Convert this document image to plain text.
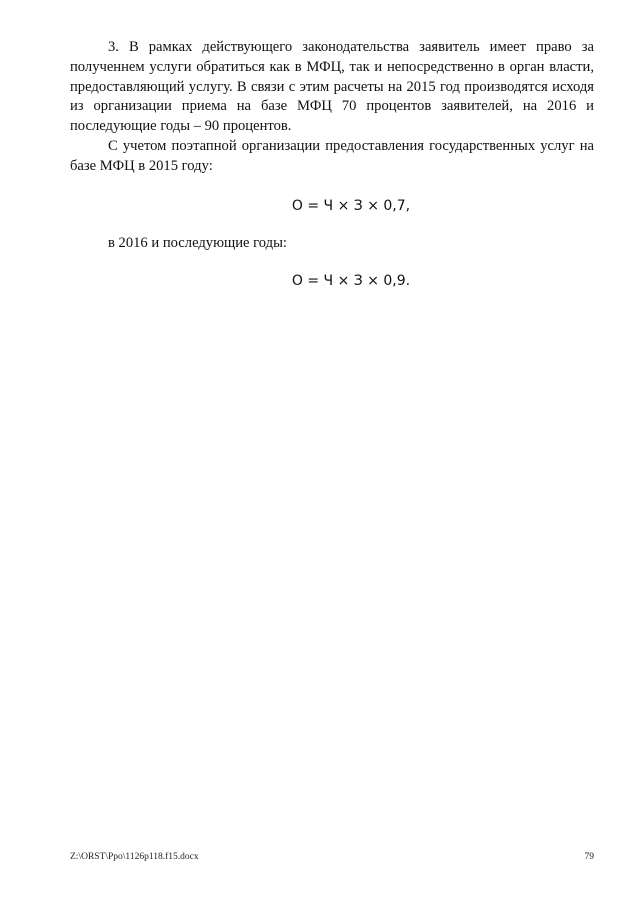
3. В рамках действующего законодательства заявитель имеет право за полученнем услуги обратиться как в МФЦ, так и непосредственно в орган власти, предоставляющий услугу. В связи с этим расчеты на 2015 год производятся исходя из организации приема на базе МФЦ 70 процентов заявителей, на 2016 и последующие годы – 90 процентов.

С учетом поэтапной организации предоставления государственных услуг на базе МФЦ в 2015 году:

О = Ч × З × 0,7,

в 2016 и последующие годы:

О = Ч × З × 0,9.

Z:\ORST\Ppo\1126p118.f15.docx	79
